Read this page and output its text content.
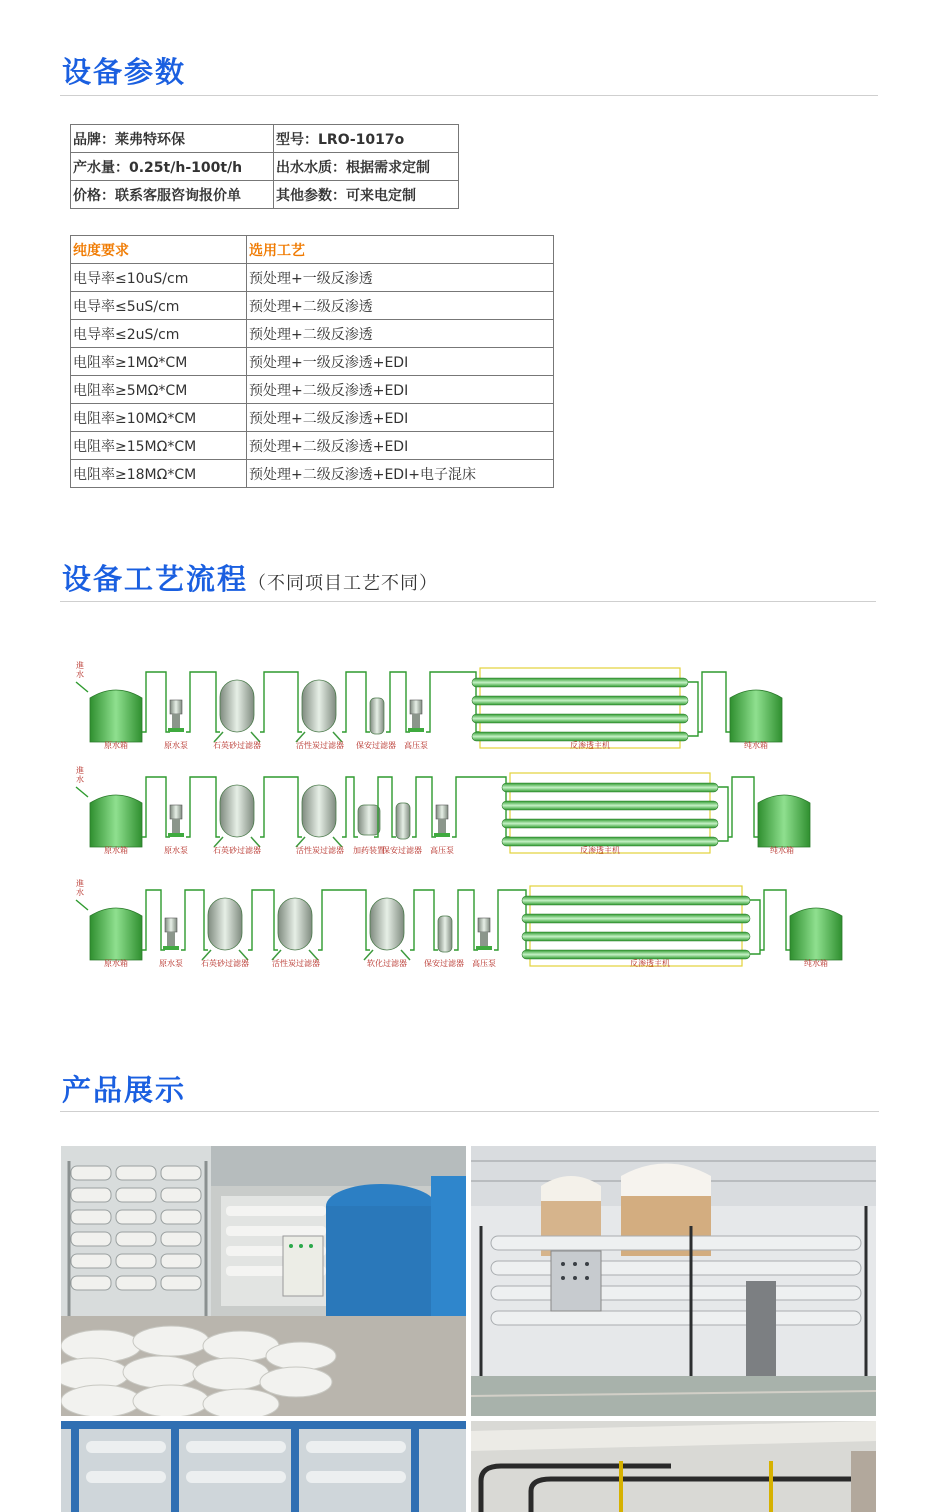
设备参数
品牌：莱弗特环保	型号：LRO-1017o
产水量：0.25t/h-100t/h	出水水质：根据需求定制
价格：联系客服咨询报价单	其他参数：可来电定制
纯度要求	选用工艺
电导率≤10uS/cm	预处理+一级反渗透
电导率≤5uS/cm	预处理+二级反渗透
电导率≤2uS/cm	预处理+二级反渗透
电阻率≥1MΩ*CM	预处理+一级反渗透+EDI
电阻率≥5MΩ*CM	预处理+二级反渗透+EDI
电阻率≥10MΩ*CM	预处理+二级反渗透+EDI
电阻率≥15MΩ*CM	预处理+二级反渗透+EDI
电阻率≥18MΩ*CM	预处理+二级反渗透+EDI+电子混床
设备工艺流程（不同项目工艺不同）
進
水
原水箱	原水泵	石英砂过滤器	活性炭过滤器 保安过滤器 高压泵	反渗透主机	纯水箱
進
水
原水箱	原水泵	石英砂过滤器	活性炭过滤器 加药装置
保安过滤器 高压泵	反渗透主机	纯水箱
進
水
原水箱	原水泵 石英砂过滤器	活性炭过滤器	软化过滤器 保安过滤器 高压泵	反渗透主机	纯水箱
产品展示
